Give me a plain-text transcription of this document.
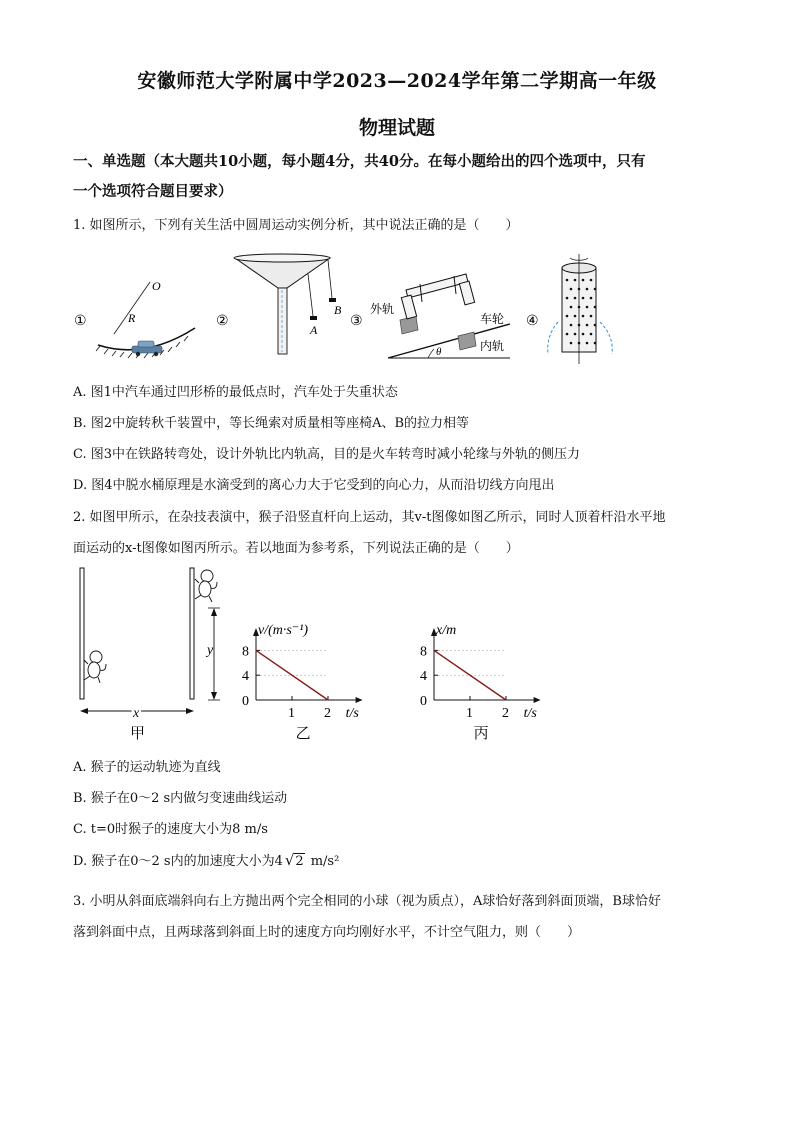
安徽师范大学附属中学2023—2024学年第二学期高一年级
物理试题
一、单选题（本大题共10小题，每小题4分，共40分。在每小题给出的四个选项中，只有
一个选项符合题目要求）
1. 如图所示，下列有关生活中圆周运动实例分析，其中说法正确的是（　　）
①
O
R	②
A
B
③
外轨
车轮
内轨
θ
④
A. 图1中汽车通过凹形桥的最低点时，汽车处于失重状态
B. 图2中旋转秋千装置中，等长绳索对质量相等座椅A、B的拉力相等
C. 图3中在铁路转弯处，设计外轨比内轨高，目的是火车转弯时减小轮缘与外轨的侧压力
D. 图4中脱水桶原理是水滴受到的离心力大于它受到的向心力，从而沿切线方向甩出
2. 如图甲所示，在杂技表演中，猴子沿竖直杆向上运动，其v-t图像如图乙所示，同时人顶着杆沿水平地
面运动的x-t图像如图丙所示。若以地面为参考系，下列说法正确的是（　　）
y
x
甲
0
4
8
1 2
v/(m·s⁻¹)
t/s
乙
0
4
8
1 2
x/m
t/s
丙
A. 猴子的运动轨迹为直线
B. 猴子在0～2 s内做匀变速曲线运动
C. t=0时猴子的速度大小为8 m/s
D. 猴子在0～2 s内的加速度大小为4 √2 m/s²
3. 小明从斜面底端斜向右上方抛出两个完全相同的小球（视为质点），A球恰好落到斜面顶端，B球恰好
落到斜面中点，且两球落到斜面上时的速度方向均刚好水平，不计空气阻力，则（　　）
